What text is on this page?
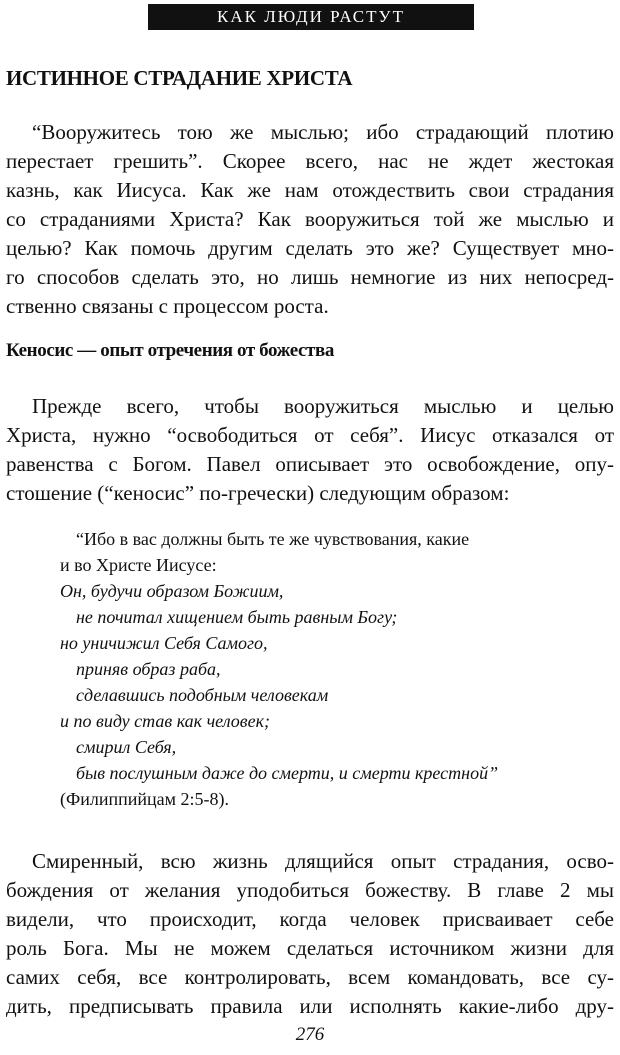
КАК ЛЮДИ РАСТУТ
ИСТИННОЕ СТРАДАНИЕ ХРИСТА

“Вооружитесь тою же мыслью; ибо страдающий плотию
перестает грешить”. Скорее всего, нас не ждет жестокая
казнь, как Иисуса. Как же нам отождествить свои страдания
со страданиями Христа? Как вооружиться той же мыслью и
целью? Как помочь другим сделать это же? Существует мно-
го способов сделать это, но лишь немногие из них непосред-
ственно связаны с процессом роста.

Кеносис — опыт отречения от божества

Прежде всего, чтобы вооружиться мыслью и целью
Христа, нужно “освободиться от себя”. Иисус отказался от
равенства с Богом. Павел описывает это освобождение, опу-
стошение (“кеносис” по-гречески) следующим образом:

“Ибо в вас должны быть те же чувствования, какие
и во Христе Иисусе:
Он, будучи образом Божиим,
не почитал хищением быть равным Богу;
но уничижил Себя Самого,
приняв образ раба,
сделавшись подобным человекам
и по виду став как человек;
смирил Себя,
быв послушным даже до смерти, и смерти крестной”
(Филиппийцам 2:5-8).

Смиренный, всю жизнь длящийся опыт страдания, осво-
бождения от желания уподобиться божеству. В главе 2 мы
видели, что происходит, когда человек присваивает себе
роль Бога. Мы не можем сделаться источником жизни для
самих себя, все контролировать, всем командовать, все су-
дить, предписывать правила или исполнять какие-либо дру-

276
